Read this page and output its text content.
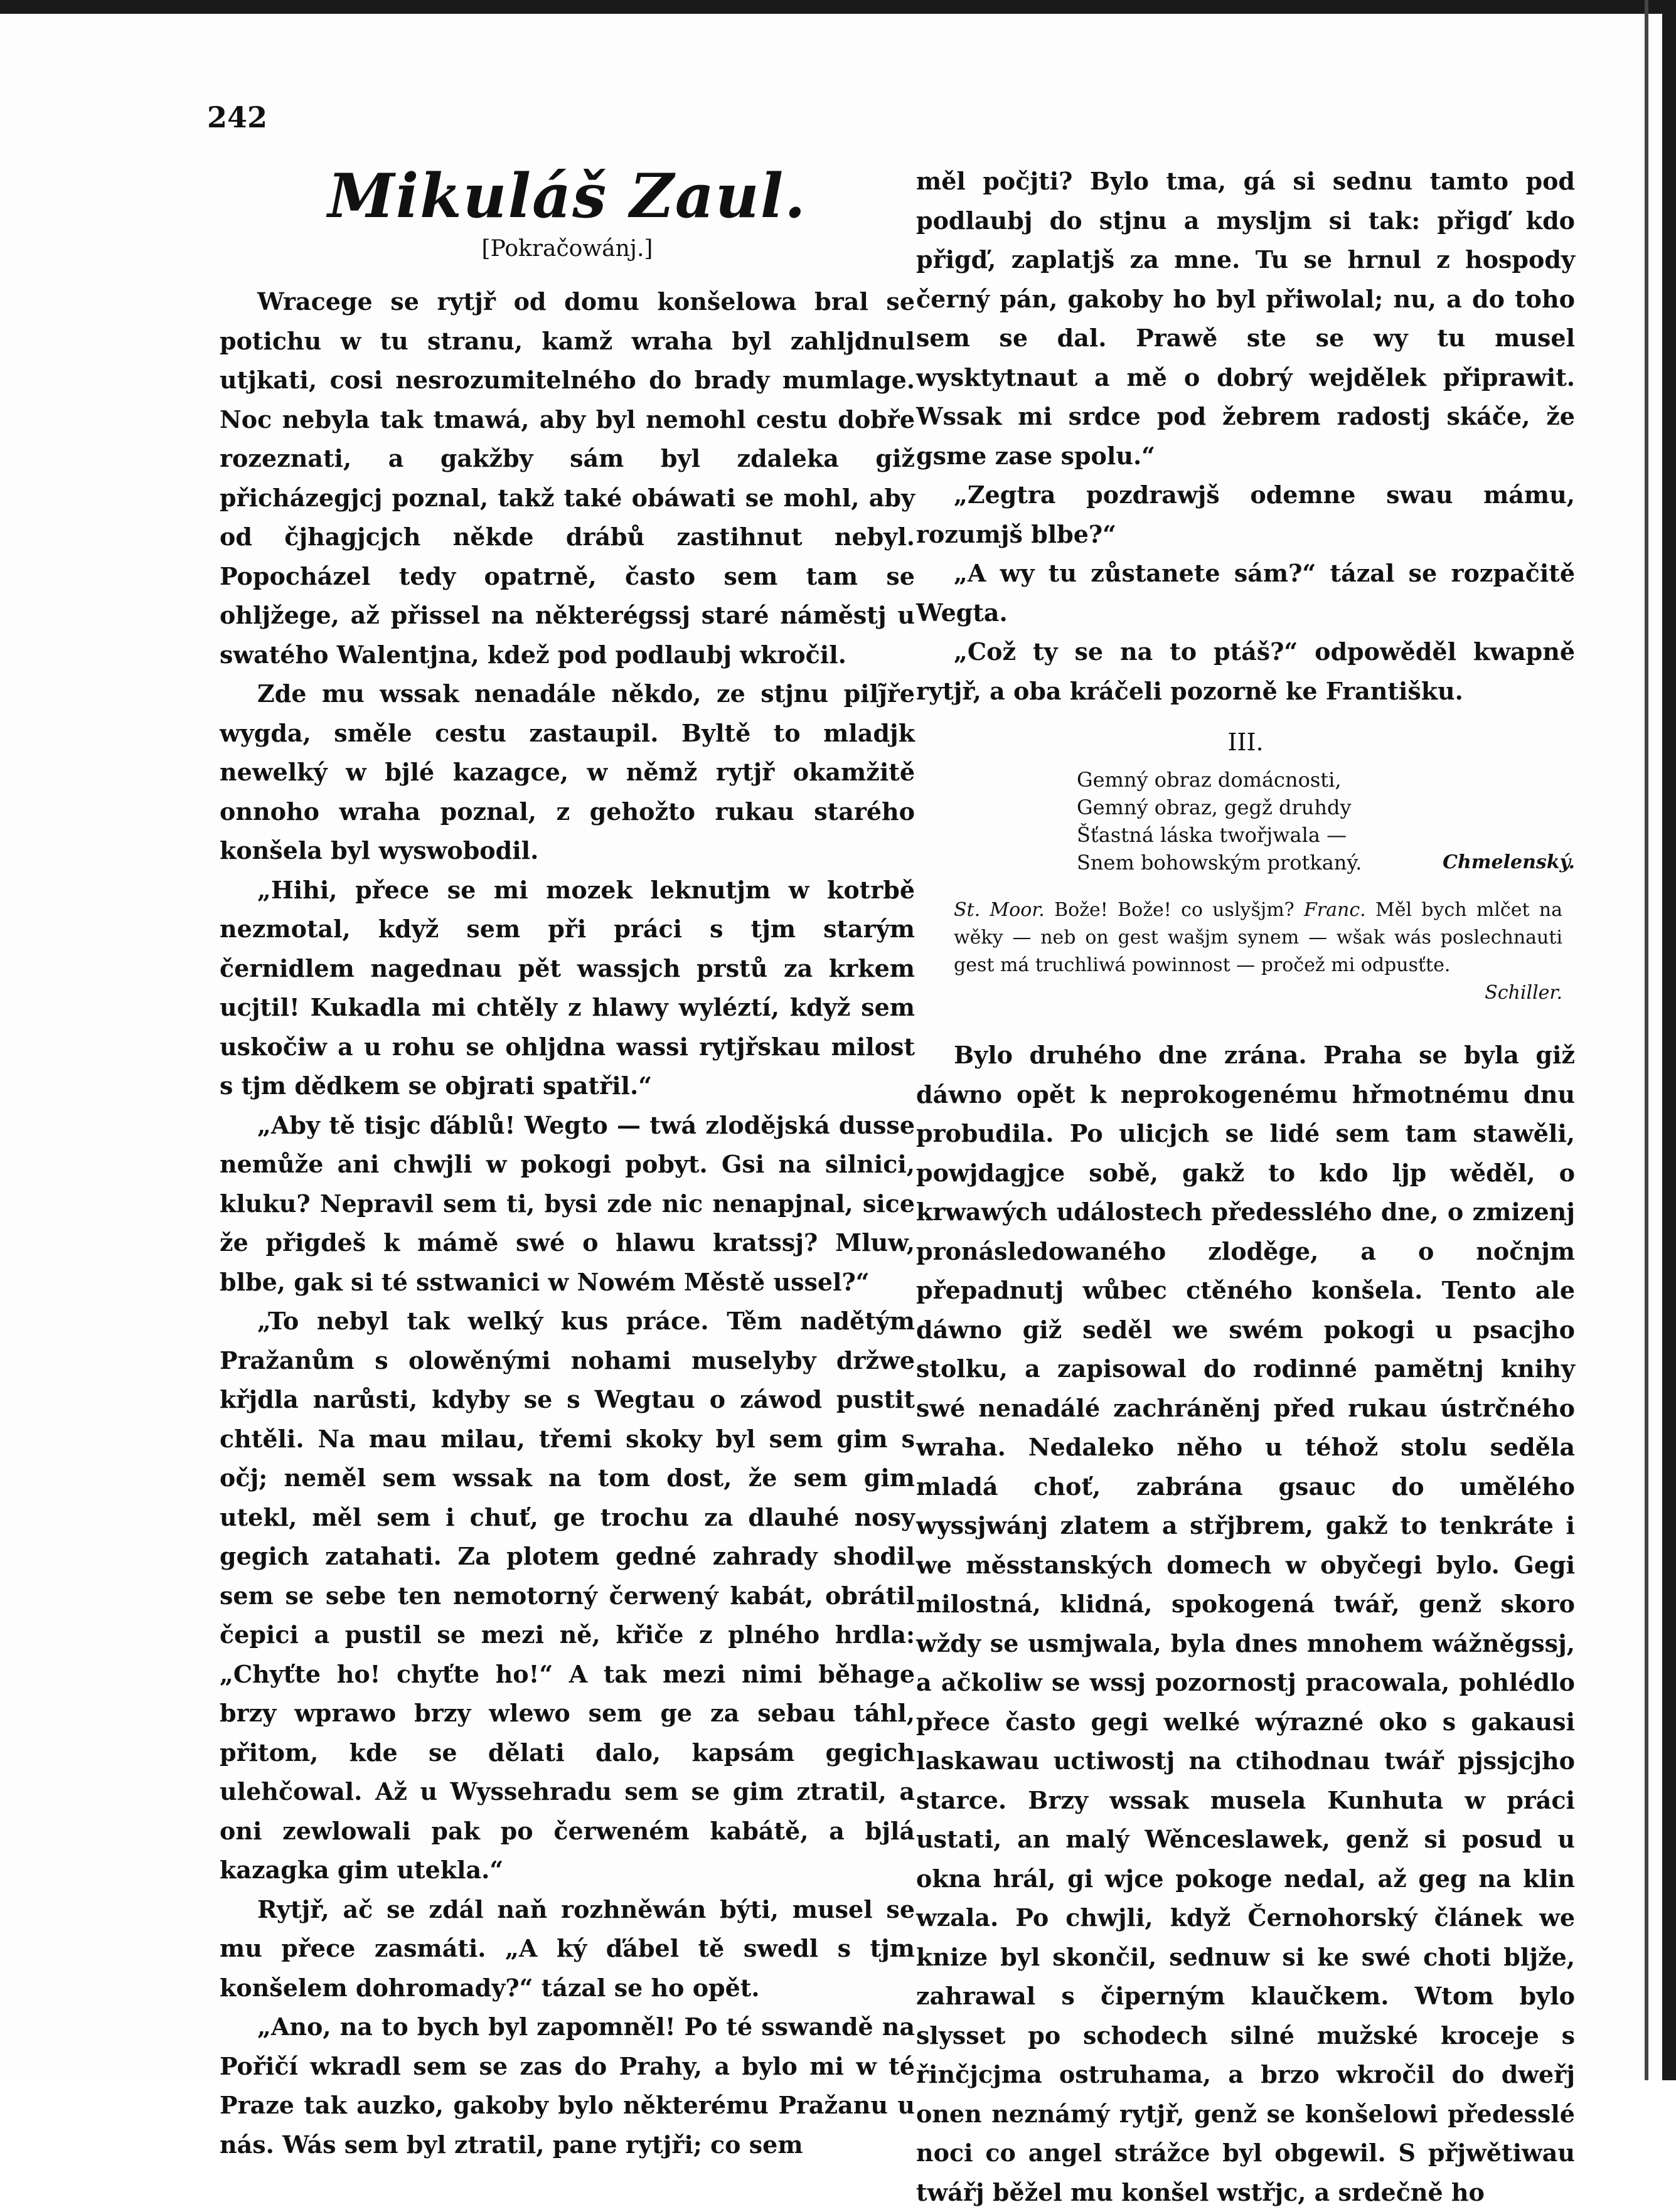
242
Mikuláš Zaul.
[Pokračowánj.]

Wracege se rytjř od domu konšelowa bral se potichu w tu stranu, kamž wraha byl zahljdnul utjkati, cosi nesrozumitelného do brady mumlage. Noc nebyla tak tmawá, aby byl nemohl cestu dobře rozeznati, a gakžby sám byl zdaleka giž přicházegjcj poznal, takž také obáwati se mohl, aby od čjhagjcjch někde drábů zastihnut nebyl. Popocházel tedy opatrně, často sem tam se ohljžege, až přissel na některégssj staré náměstj u swatého Walentjna, kdež pod podlaubj wkročil.

Zde mu wssak nenadále někdo, ze stjnu pilj̃ře wygda, směle cestu zastaupil. Byltě to mladjk newelký w bjlé kazagce, w němž rytjř okamžitě onnoho wraha poznal, z gehožto rukau starého konšela byl wyswobodil.

„Hihi, přece se mi mozek leknutjm w kotrbě nezmotal, když sem při práci s tjm starým černidlem nagednau pět wassjch prstů za krkem ucjtil! Kukadla mi chtěly z hlawy wyléztí, když sem uskočiw a u rohu se ohljdna wassi rytjřskau milost s tjm dědkem se objrati spatřil.“

„Aby tě tisjc ďáblů! Wegto — twá zlodějská dusse nemůže ani chwjli w pokogi pobyt. Gsi na silnici, kluku? Nepravil sem ti, bysi zde nic nenapjnal, sice že přigdeš k mámě swé o hlawu kratssj? Mluw, blbe, gak si té sstwanici w Nowém Městě ussel?“

„To nebyl tak welký kus práce. Těm nadětým Pražanům s olowěnými nohami muselyby držwe křjdla narůsti, kdyby se s Wegtau o záwod pustit chtěli. Na mau milau, třemi skoky byl sem gim s očj; neměl sem wssak na tom dost, že sem gim utekl, měl sem i chuť, ge trochu za dlauhé nosy gegich zatahati. Za plotem gedné zahrady shodil sem se sebe ten nemotorný čerwený kabát, obrátil čepici a pustil se mezi ně, křiče z plného hrdla: „Chyťte ho! chyťte ho!“ A tak mezi nimi běhage brzy wprawo brzy wlewo sem ge za sebau táhl, přitom, kde se dělati dalo, kapsám gegich ulehčowal. Až u Wyssehradu sem se gim ztratil, a oni zewlowali pak po čerweném kabátě, a bjlá kazagka gim utekla.“

Rytjř, ač se zdál naň rozhněwán býti, musel se mu přece zasmáti. „A ký ďábel tě swedl s tjm konšelem dohromady?“ tázal se ho opět.

„Ano, na to bych byl zapomněl! Po té sswandě na Pořičí wkradl sem se zas do Prahy, a bylo mi w té Praze tak auzko, gakoby bylo některému Pražanu u nás. Wás sem byl ztratil, pane rytjři; co sem

měl počjti? Bylo tma, gá si sednu tamto pod podlaubj do stjnu a mysljm si tak: přigď kdo přigď, zaplatjš za mne. Tu se hrnul z hospody černý pán, gakoby ho byl přiwolal; nu, a do toho sem se dal. Prawě ste se wy tu musel wysktytnaut a mě o dobrý wejdělek připrawit. Wssak mi srdce pod žebrem radostj skáče, že gsme zase spolu.“

„Zegtra pozdrawjš odemne swau mámu, rozumjš blbe?“

„A wy tu zůstanete sám?“ tázal se rozpačitě Wegta.

„Což ty se na to ptáš?“ odpowěděl kwapně rytjř, a oba kráčeli pozorně ke Františku.

III.
Gemný obraz domácnosti,
Gemný obraz, gegž druhdy
Šťastná láska twořjwala —
Snem bohowským protkaný.	Chmelenský.
St. Moor. Bože! Bože! co uslyšjm? Franc. Měl bych mlčet na wěky — neb on gest wašjm synem — wšak wás poslechnauti gest má truchliwá powinnost — pročež mi odpusťte.
Schiller.

Bylo druhého dne zrána. Praha se byla giž dáwno opět k neprokogenému hřmotnému dnu probudila. Po ulicjch se lidé sem tam stawěli, powjdagjce sobě, gakž to kdo ljp wěděl, o krwawých událostech předesslého dne, o zmizenj pronásledowaného zloděge, a o nočnjm přepadnutj wůbec ctěného konšela. Tento ale dáwno giž seděl we swém pokogi u psacjho stolku, a zapisowal do rodinné pamětnj knihy swé nenadálé zachráněnj před rukau ústrčného wraha. Nedaleko něho u téhož stolu seděla mladá choť, zabrána gsauc do umělého wyssjwánj zlatem a střjbrem, gakž to tenkráte i we měsstanských domech w obyčegi bylo. Gegi milostná, klidná, spokogená twář, genž skoro wždy se usmjwala, byla dnes mnohem wážněgssj, a ačkoliw se wssj pozornostj pracowala, pohlédlo přece často gegi welké wýrazné oko s gakausi laskawau uctiwostj na ctihodnau twář pjssjcjho starce. Brzy wssak musela Kunhuta w práci ustati, an malý Wěnceslawek, genž si posud u okna hrál, gi wjce pokoge nedal, až geg na klin wzala. Po chwjli, když Černohorský článek we knize byl skončil, sednuw si ke swé choti bljže, zahrawal s čiperným klaučkem. Wtom bylo slysset po schodech silné mužské kroceje s řinčjcjma ostruhama, a brzo wkročil do dweřj onen neznámý rytjř, genž se konšelowi předesslé noci co angel strážce byl obgewil. S přjwětiwau twářj běžel mu konšel wstřjc, a srdečně ho
